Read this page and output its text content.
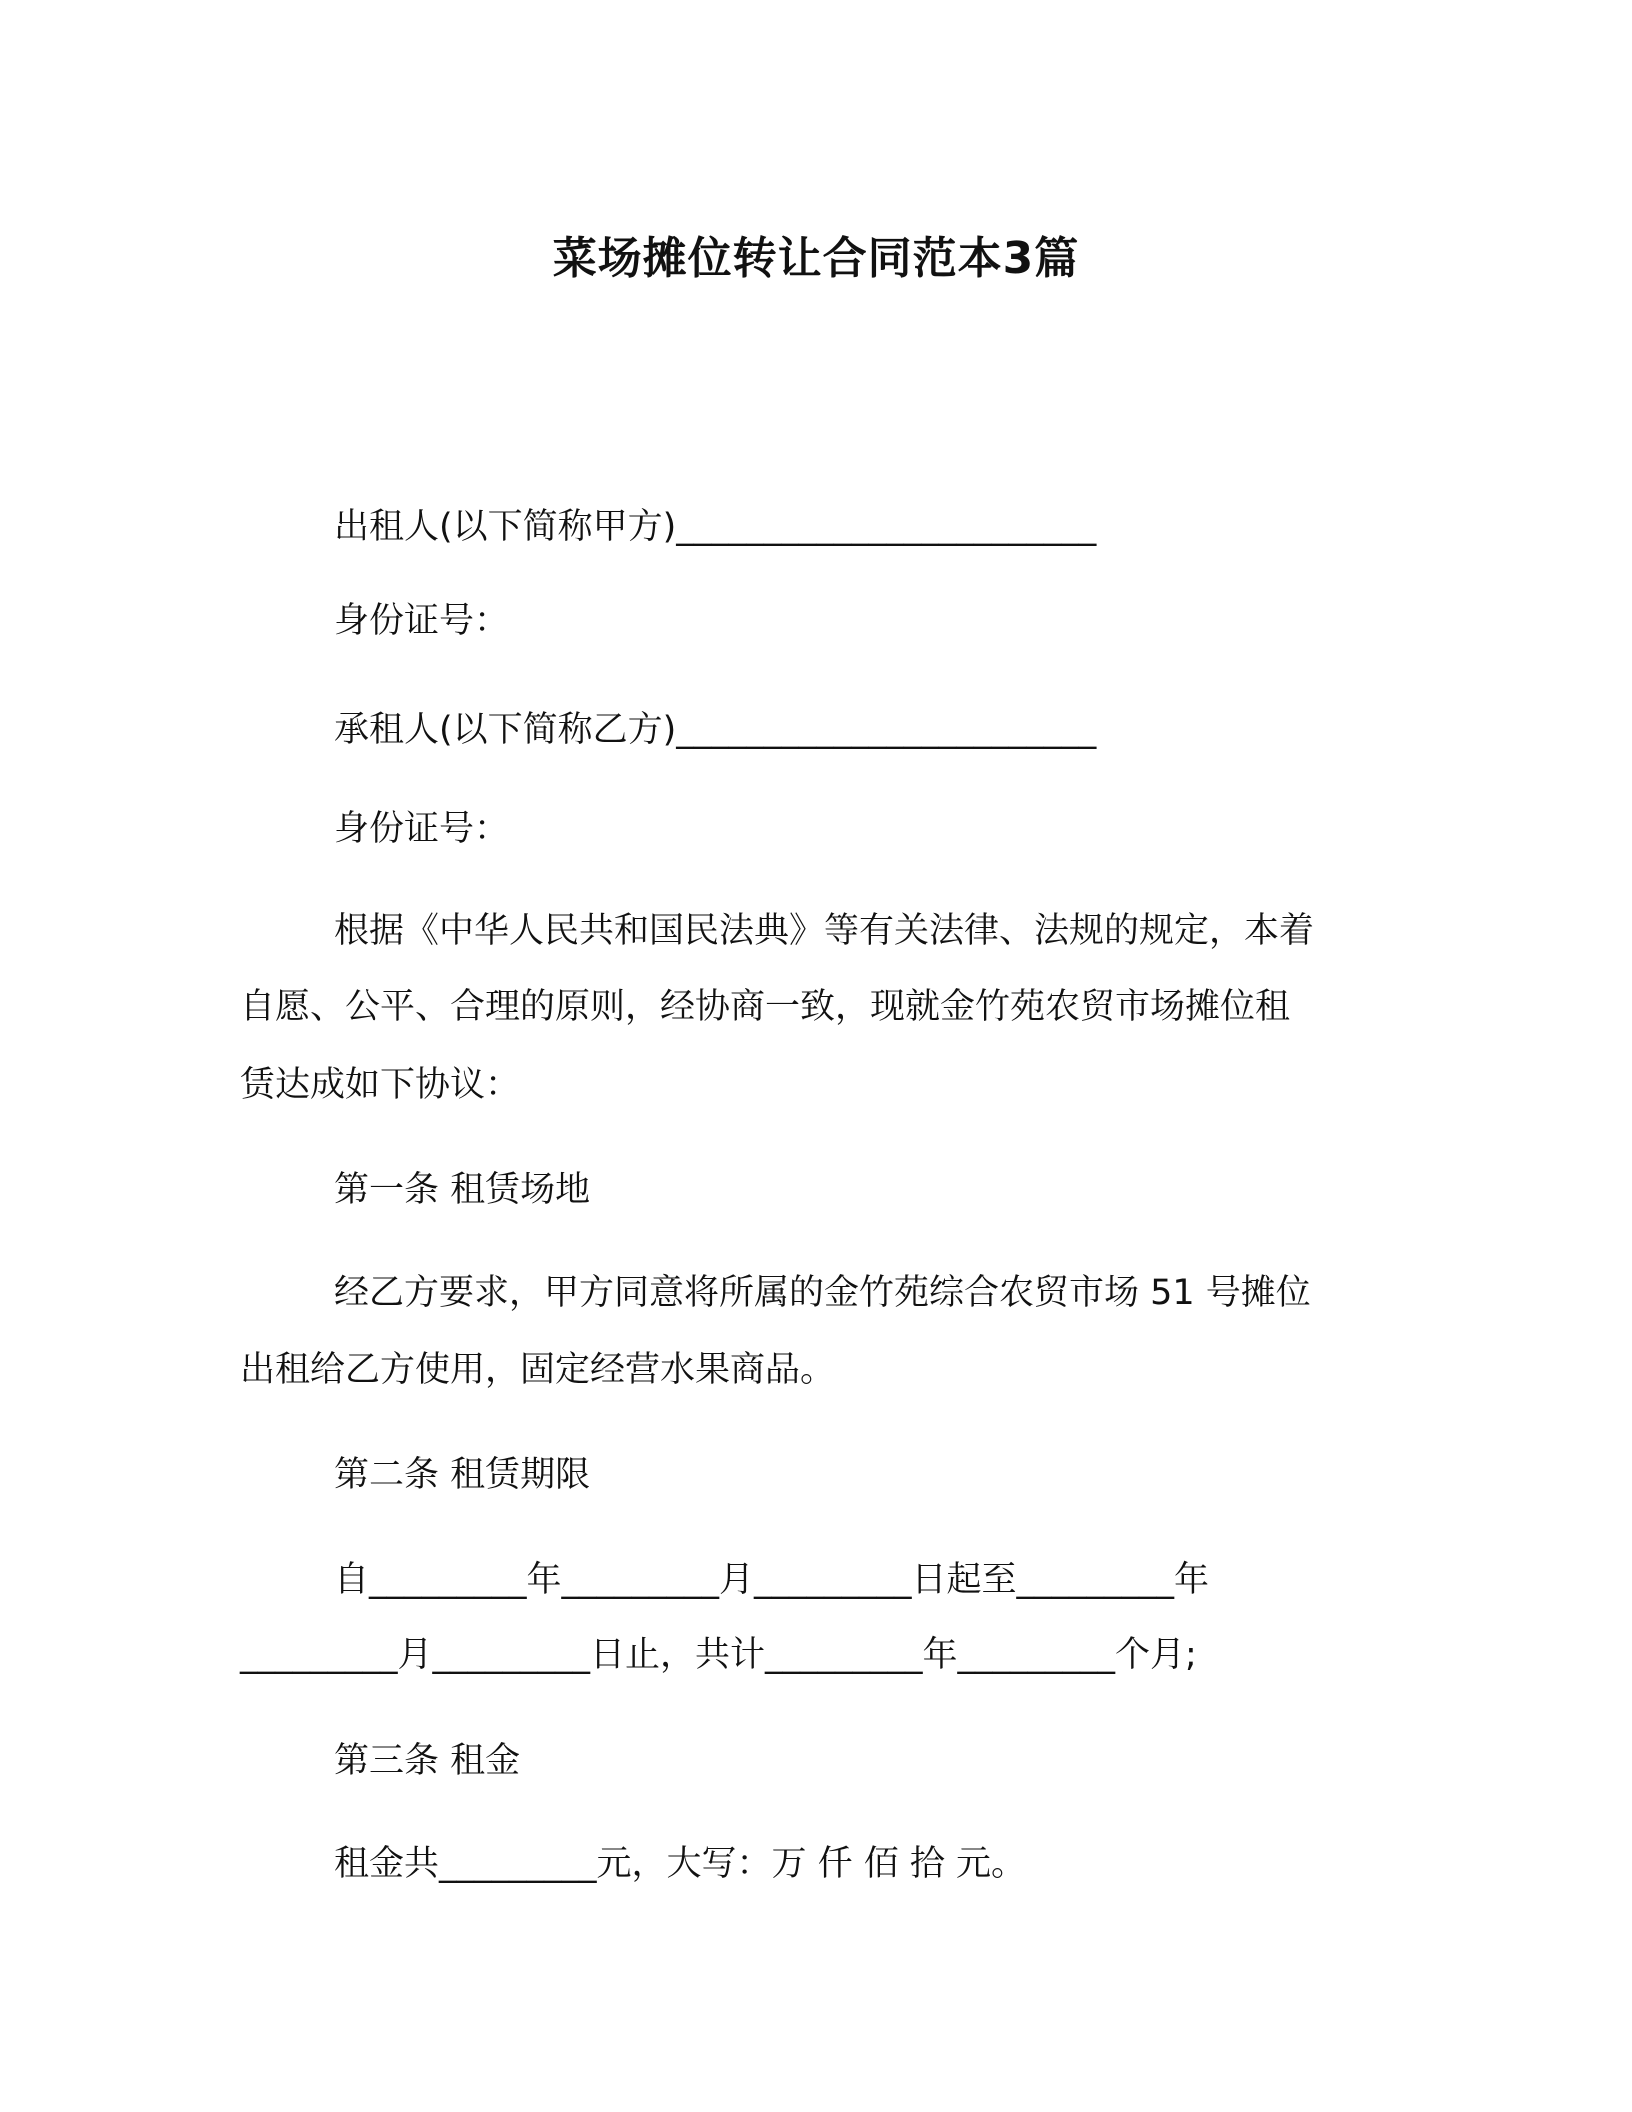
菜场摊位转让合同范本3篇
出租人(以下简称甲方)________________________
身份证号：
承租人(以下简称乙方)________________________
身份证号：
根据《中华人民共和国民法典》等有关法律、法规的规定，本着
自愿、公平、合理的原则，经协商一致，现就金竹苑农贸市场摊位租
赁达成如下协议：
第一条 租赁场地
经乙方要求，甲方同意将所属的金竹苑综合农贸市场 51 号摊位
出租给乙方使用，固定经营水果商品。
第二条 租赁期限
自_________年_________月_________日起至_________年
_________月_________日止，共计_________年_________个月;
第三条 租金
租金共_________元，大写：万 仟 佰 拾 元。
